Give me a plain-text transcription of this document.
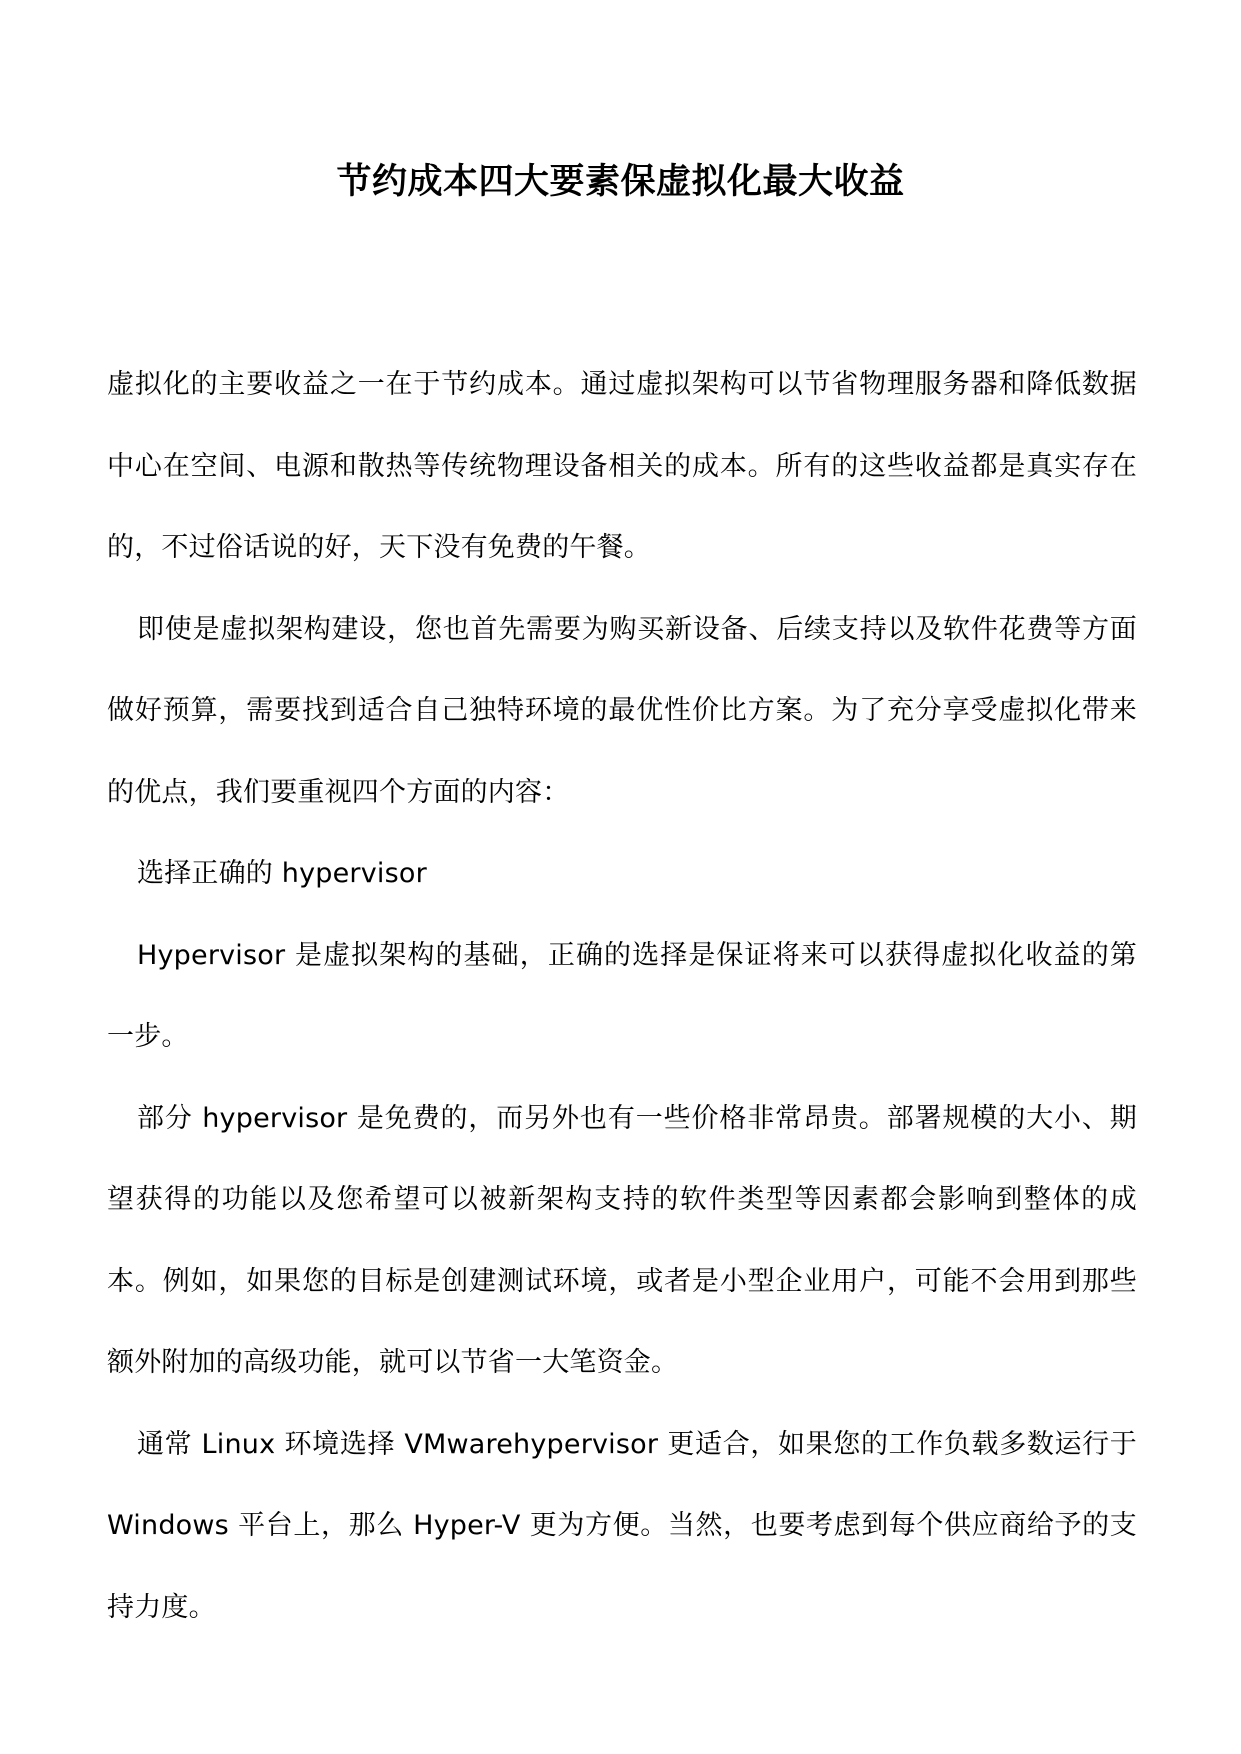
节约成本四大要素保虚拟化最大收益

虚拟化的主要收益之一在于节约成本。通过虚拟架构可以节省物理服务器和降低数据中心在空间、电源和散热等传统物理设备相关的成本。所有的这些收益都是真实存在的，不过俗话说的好，天下没有免费的午餐。

即使是虚拟架构建设，您也首先需要为购买新设备、后续支持以及软件花费等方面做好预算，需要找到适合自己独特环境的最优性价比方案。为了充分享受虚拟化带来的优点，我们要重视四个方面的内容：

选择正确的 hypervisor

Hypervisor 是虚拟架构的基础，正确的选择是保证将来可以获得虚拟化收益的第一步。

部分 hypervisor 是免费的，而另外也有一些价格非常昂贵。部署规模的大小、期望获得的功能以及您希望可以被新架构支持的软件类型等因素都会影响到整体的成本。例如，如果您的目标是创建测试环境，或者是小型企业用户，可能不会用到那些额外附加的高级功能，就可以节省一大笔资金。

通常 Linux 环境选择 VMwarehypervisor 更适合，如果您的工作负载多数运行于 Windows 平台上，那么 Hyper-V 更为方便。当然，也要考虑到每个供应商给予的支持力度。
